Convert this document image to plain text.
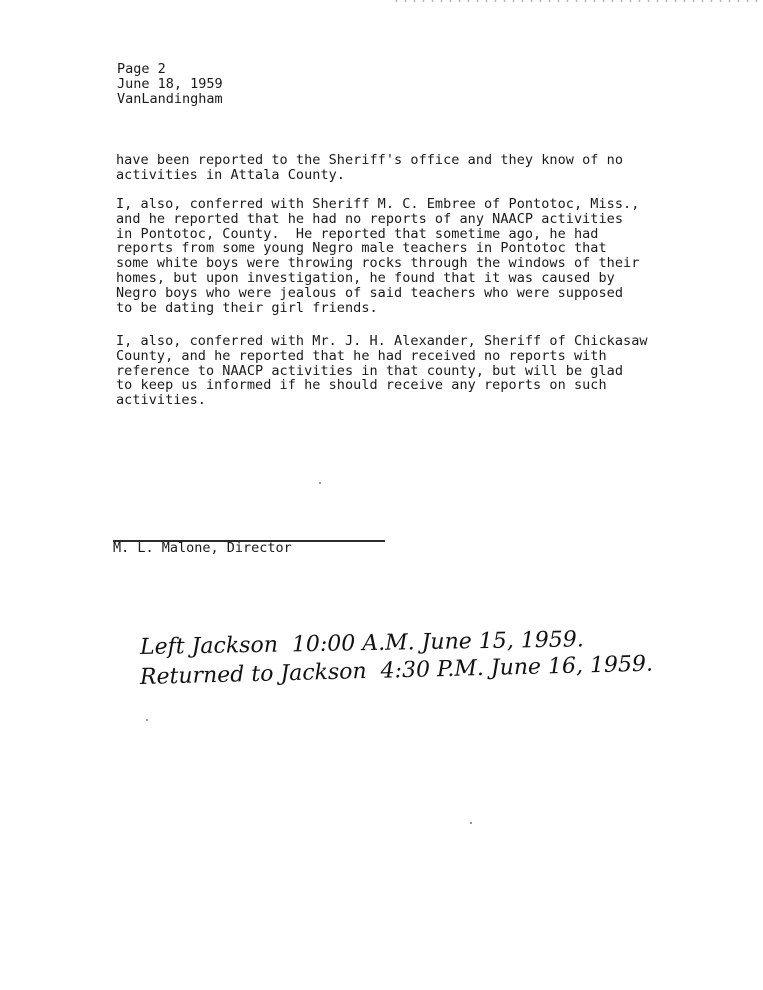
Page 2
June 18, 1959
VanLandingham
have been reported to the Sheriff's office and they know of no
activities in Attala County.
I, also, conferred with Sheriff M. C. Embree of Pontotoc, Miss.,
and he reported that he had no reports of any NAACP activities
in Pontotoc, County.  He reported that sometime ago, he had
reports from some young Negro male teachers in Pontotoc that
some white boys were throwing rocks through the windows of their
homes, but upon investigation, he found that it was caused by
Negro boys who were jealous of said teachers who were supposed
to be dating their girl friends.
I, also, conferred with Mr. J. H. Alexander, Sheriff of Chickasaw
County, and he reported that he had received no reports with
reference to NAACP activities in that county, but will be glad
to keep us informed if he should receive any reports on such
activities.
M. L. Malone, Director
Left Jackson  10:00 A.M. June 15, 1959.
Returned to Jackson  4:30 P.M. June 16, 1959.
